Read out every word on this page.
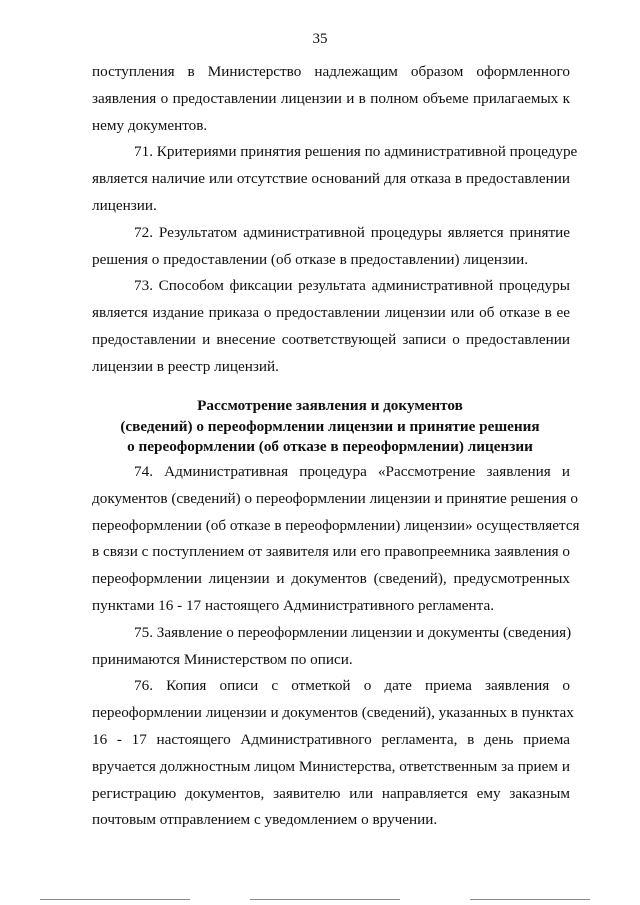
35
поступления в Министерство надлежащим образом оформленного
заявления о предоставлении лицензии и в полном объеме прилагаемых к
нему документов.
71. Критериями принятия решения по административной процедуре
является наличие или отсутствие оснований для отказа в предоставлении
лицензии.
72. Результатом административной процедуры является принятие
решения о предоставлении (об отказе в предоставлении) лицензии.
73. Способом фиксации результата административной процедуры
является издание приказа о предоставлении лицензии или об отказе в ее
предоставлении и внесение соответствующей записи о предоставлении
лицензии в реестр лицензий.
Рассмотрение заявления и документов
(сведений) о переоформлении лицензии и принятие решения
о переоформлении (об отказе в переоформлении) лицензии
74. Административная процедура «Рассмотрение заявления и
документов (сведений) о переоформлении лицензии и принятие решения о
переоформлении (об отказе в переоформлении) лицензии» осуществляется
в связи с поступлением от заявителя или его правопреемника заявления о
переоформлении лицензии и документов (сведений), предусмотренных
пунктами 16 - 17 настоящего Административного регламента.
75. Заявление о переоформлении лицензии и документы (сведения)
принимаются Министерством по описи.
76. Копия описи с отметкой о дате приема заявления о
переоформлении лицензии и документов (сведений), указанных в пунктах
16 - 17 настоящего Административного регламента, в день приема
вручается должностным лицом Министерства, ответственным за прием и
регистрацию документов, заявителю или направляется ему заказным
почтовым отправлением с уведомлением о вручении.
